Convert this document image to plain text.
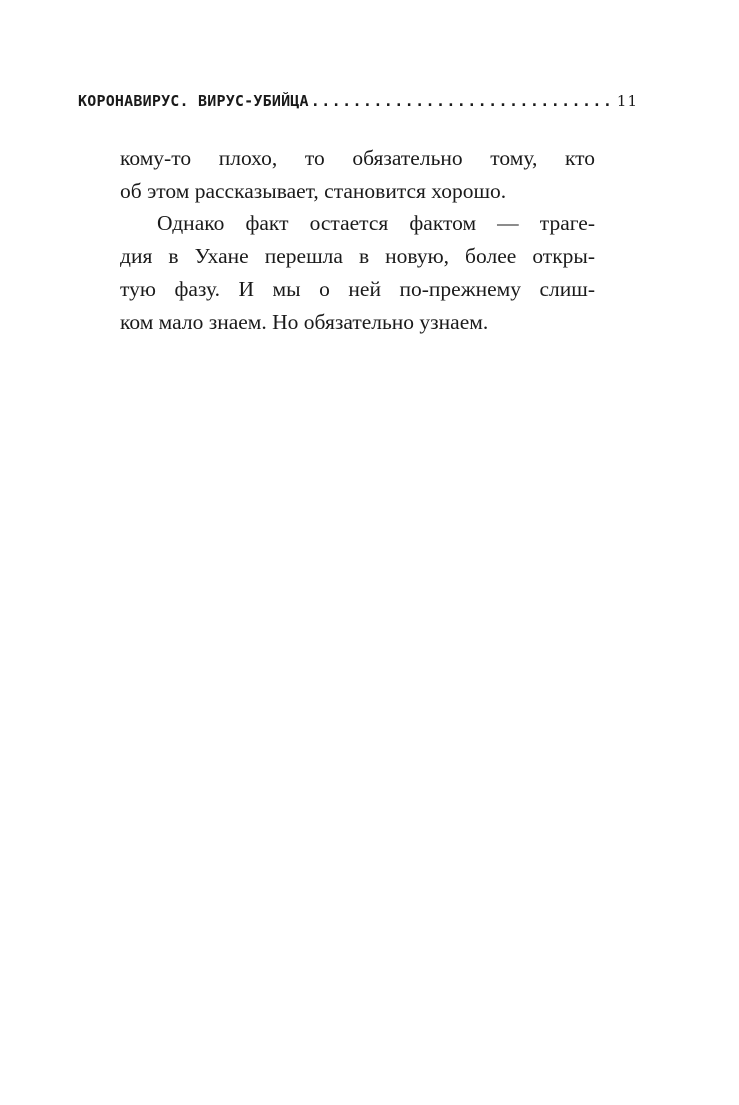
КОРОНАВИРУС. ВИРУС-УБИЙЦА
.....	11
кому-то плохо, то обязательно тому, кто
об этом рассказывает, становится хорошо.
Однако факт остается фактом — траге-
дия в Ухане перешла в новую, более откры-
тую фазу. И мы о ней по-прежнему слиш-
ком мало знаем. Но обязательно узнаем.
